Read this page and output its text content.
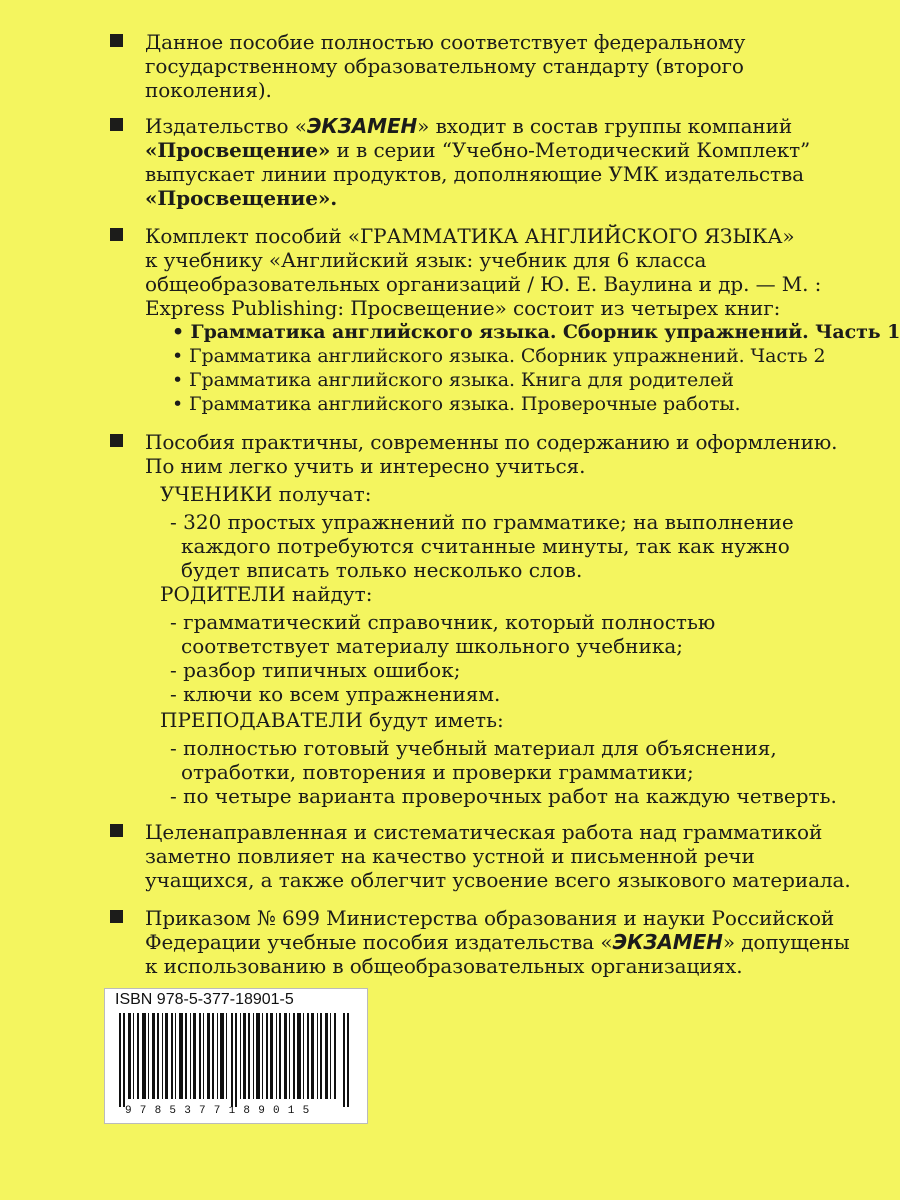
Данное пособие полностью соответствует федеральному
государственному образовательному стандарту (второго
поколения).
Издательство «ЭКЗАМЕН» входит в состав группы компаний
«Просвещение» и в серии “Учебно-Методический Комплект”
выпускает линии продуктов, дополняющие УМК издательства
«Просвещение».
Комплект пособий «ГРАММАТИКА АНГЛИЙСКОГО ЯЗЫКА»
к учебнику «Английский язык: учебник для 6 класса
общеобразовательных организаций / Ю. Е. Ваулина и др. — М. :
Express Publishing: Просвещение» состоит из четырех книг:
• Грамматика английского языка. Сборник упражнений. Часть 1
• Грамматика английского языка. Сборник упражнений. Часть 2
• Грамматика английского языка. Книга для родителей
• Грамматика английского языка. Проверочные работы.
Пособия практичны, современны по содержанию и оформлению.
По ним легко учить и интересно учиться.
УЧЕНИКИ получат:
- 320 простых упражнений по грамматике; на выполнение
каждого потребуются считанные минуты, так как нужно
будет вписать только несколько слов.
РОДИТЕЛИ найдут:
- грамматический справочник, который полностью
соответствует материалу школьного учебника;
- разбор типичных ошибок;
- ключи ко всем упражнениям.
ПРЕПОДАВАТЕЛИ будут иметь:
- полностью готовый учебный материал для объяснения,
отработки, повторения и проверки грамматики;
- по четыре варианта проверочных работ на каждую четверть.
Целенаправленная и систематическая работа над грамматикой
заметно повлияет на качество устной и письменной речи
учащихся, а также облегчит усвоение всего языкового материала.
Приказом № 699 Министерства образования и науки Российской
Федерации учебные пособия издательства «ЭКЗАМЕН» допущены
к использованию в общеобразовательных организациях.
ISBN 978-5-377-18901-5
9785377189015
